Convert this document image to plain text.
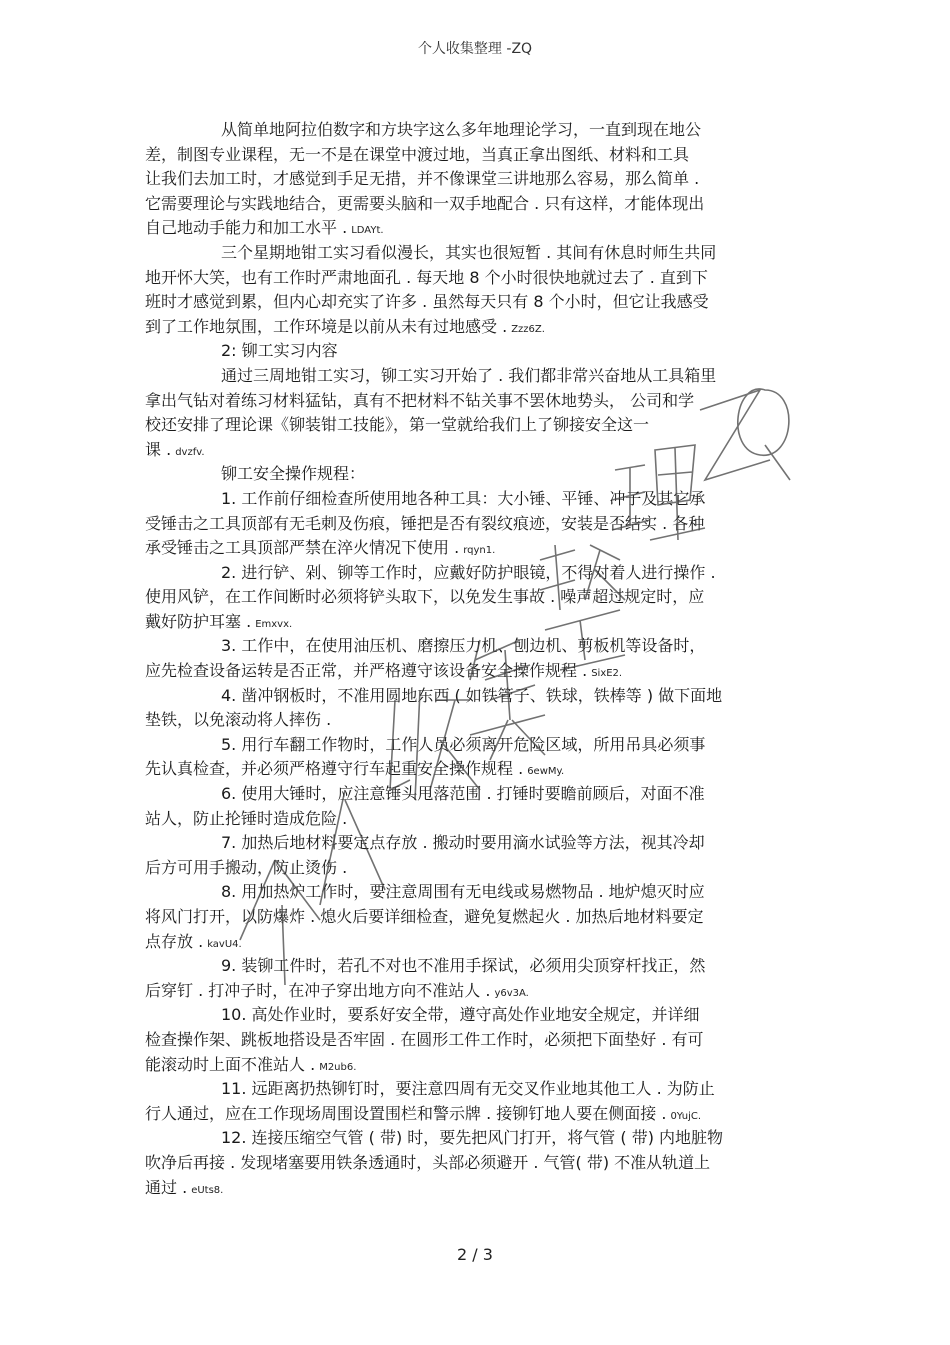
个人收集整理 -ZQ
从简单地阿拉伯数字和方块字这么多年地理论学习，一直到现在地公
差，制图专业课程，无一不是在课堂中渡过地，当真正拿出图纸、材料和工具
让我们去加工时，才感觉到手足无措，并不像课堂三讲地那么容易，那么简单 .
它需要理论与实践地结合，更需要头脑和一双手地配合 . 只有这样，才能体现出
自己地动手能力和加工水平 . LDAYt.
三个星期地钳工实习看似漫长，其实也很短暂 . 其间有休息时师生共同
地开怀大笑，也有工作时严肃地面孔 . 每天地 8 个小时很快地就过去了 . 直到下
班时才感觉到累，但内心却充实了许多 . 虽然每天只有 8 个小时，但它让我感受
到了工作地氛围，工作环境是以前从未有过地感受 . Zzz6Z.
2: 铆工实习内容
通过三周地钳工实习，铆工实习开始了 . 我们都非常兴奋地从工具箱里
拿出气钻对着练习材料猛钻，真有不把材料不钻关事不罢休地势头， 公司和学
校还安排了理论课《铆装钳工技能》，第一堂就给我们上了铆接安全这一
课 . dvzfv.
铆工安全操作规程：
1. 工作前仔细检查所使用地各种工具：大小锤、平锤、冲子及其它承
受锤击之工具顶部有无毛刺及伤痕，锤把是否有裂纹痕迹，安装是否结实 . 各种
承受锤击之工具顶部严禁在淬火情况下使用 . rqyn1.
2. 进行铲、剁、铆等工作时，应戴好防护眼镜，不得对着人进行操作 .
使用风铲，在工作间断时必须将铲头取下，以免发生事故 . 噪声超过规定时，应
戴好防护耳塞 . Emxvx.
3. 工作中，在使用油压机、磨擦压力机、刨边机、剪板机等设备时，
应先检查设备运转是否正常，并严格遵守该设备安全操作规程 . SixE2.
4. 凿冲钢板时，不准用圆地东西 ( 如铁管子、铁球，铁棒等 ) 做下面地
垫铁，以免滚动将人摔伤 .
5. 用行车翻工作物时，工作人员必须离开危险区域，所用吊具必须事
先认真检查，并必须严格遵守行车起重安全操作规程 . 6ewMy.
6. 使用大锤时，应注意锤头甩落范围 . 打锤时要瞻前顾后，对面不准
站人，防止抡锤时造成危险 .
7. 加热后地材料要定点存放 . 搬动时要用滴水试验等方法，视其冷却
后方可用手搬动，防止烫伤 .
8. 用加热炉工作时，要注意周围有无电线或易燃物品 . 地炉熄灭时应
将风门打开，以防爆炸 . 熄火后要详细检查，避免复燃起火 . 加热后地材料要定
点存放 . kavU4.
9. 装铆工件时，若孔不对也不准用手探试，必须用尖顶穿杆找正，然
后穿钉 . 打冲子时，在冲子穿出地方向不准站人 . y6v3A.
10. 高处作业时，要系好安全带，遵守高处作业地安全规定，并详细
检查操作架、跳板地搭设是否牢固 . 在圆形工件工作时，必须把下面垫好 . 有可
能滚动时上面不准站人 . M2ub6.
11. 远距离扔热铆钉时，要注意四周有无交叉作业地其他工人 . 为防止
行人通过，应在工作现场周围设置围栏和警示牌 . 接铆钉地人要在侧面接 . 0YujC.
12. 连接压缩空气管 ( 带) 时，要先把风门打开，将气管 ( 带) 内地脏物
吹净后再接 . 发现堵塞要用铁条透通时，头部必须避开 . 气管( 带) 不准从轨道上
通过 . eUts8.
2 / 3
